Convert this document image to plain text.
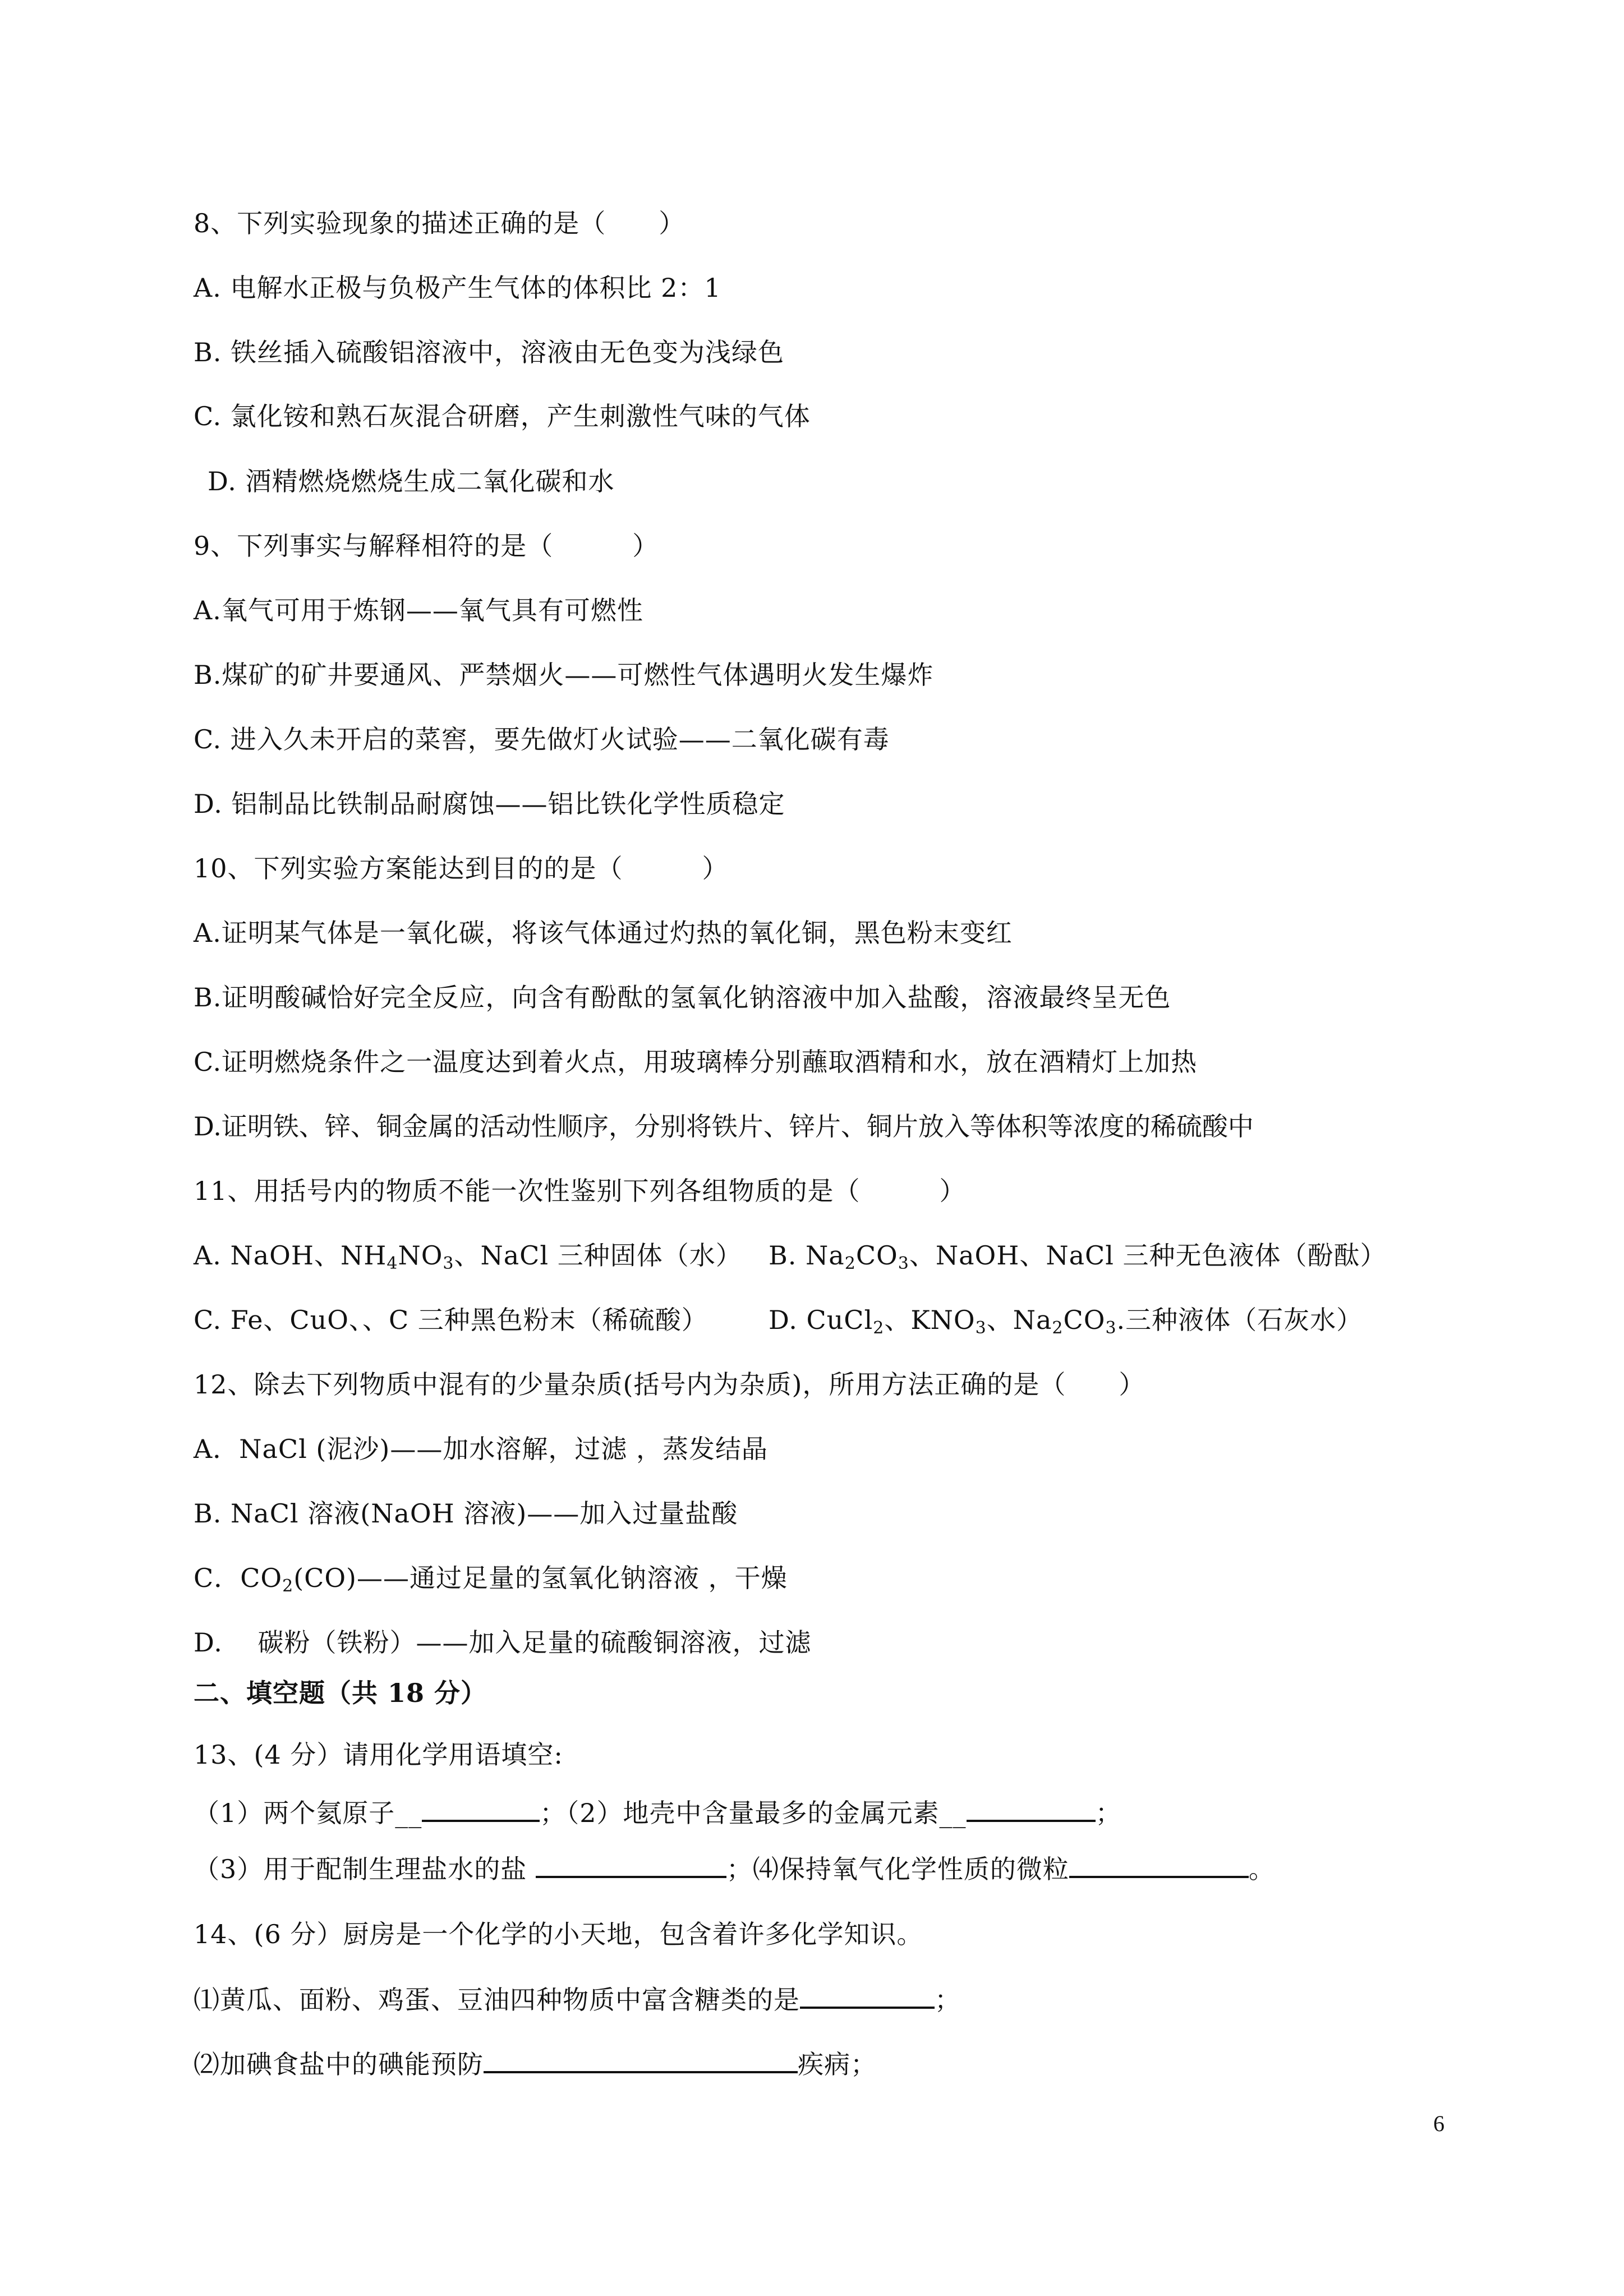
8、下列实验现象的描述正确的是（　　）
A. 电解水正极与负极产生气体的体积比 2：1
B. 铁丝插入硫酸铝溶液中，溶液由无色变为浅绿色
C. 氯化铵和熟石灰混合研磨，产生刺激性气味的气体
D. 酒精燃烧燃烧生成二氧化碳和水
9、下列事实与解释相符的是（　　　）
A.氧气可用于炼钢——氧气具有可燃性
B.煤矿的矿井要通风、严禁烟火——可燃性气体遇明火发生爆炸
C. 进入久未开启的菜窖，要先做灯火试验——二氧化碳有毒
D. 铝制品比铁制品耐腐蚀——铝比铁化学性质稳定
10、下列实验方案能达到目的的是（　　　）
A.证明某气体是一氧化碳，将该气体通过灼热的氧化铜，黑色粉末变红
B.证明酸碱恰好完全反应，向含有酚酞的氢氧化钠溶液中加入盐酸，溶液最终呈无色
C.证明燃烧条件之一温度达到着火点，用玻璃棒分别蘸取酒精和水，放在酒精灯上加热
D.证明铁、锌、铜金属的活动性顺序，分别将铁片、锌片、铜片放入等体积等浓度的稀硫酸中
11、用括号内的物质不能一次性鉴别下列各组物质的是（　　　）
A. NaOH、$NH_4NO_3$、NaCl 三种固体（水） B. $Na_2CO_3$、NaOH、NaCl 三种无色液体（酚酞）
C. Fe、CuO、、C 三种黑色粉末（稀硫酸） D. CuCl$_2$、$KNO_3$、$Na_2CO_3$.三种液体（石灰水）
12、除去下列物质中混有的少量杂质(括号内为杂质)，所用方法正确的是（　　）
A．NaCl (泥沙)——加水溶解，过滤 ，蒸发结晶
B. NaCl 溶液(NaOH 溶液)——加入过量盐酸
C．$CO_2(CO)——$通过足量的氢氧化钠溶液 ，干燥
D.　 碳粉（铁粉）——加入足量的硫酸铜溶液，过滤
二、填空题（共 18 分）
13、(4 分）请用化学用语填空:
（1）两个氦原子__	；（2）地壳中含量最多的金属元素__	；
（3）用于配制生理盐水的盐	；⑷保持氧气化学性质的微粒	。
14、(6 分）厨房是一个化学的小天地，包含着许多化学知识。
⑴黄瓜、面粉、鸡蛋、豆油四种物质中富含糖类的是	；
⑵加碘食盐中的碘能预防	疾病；
6
